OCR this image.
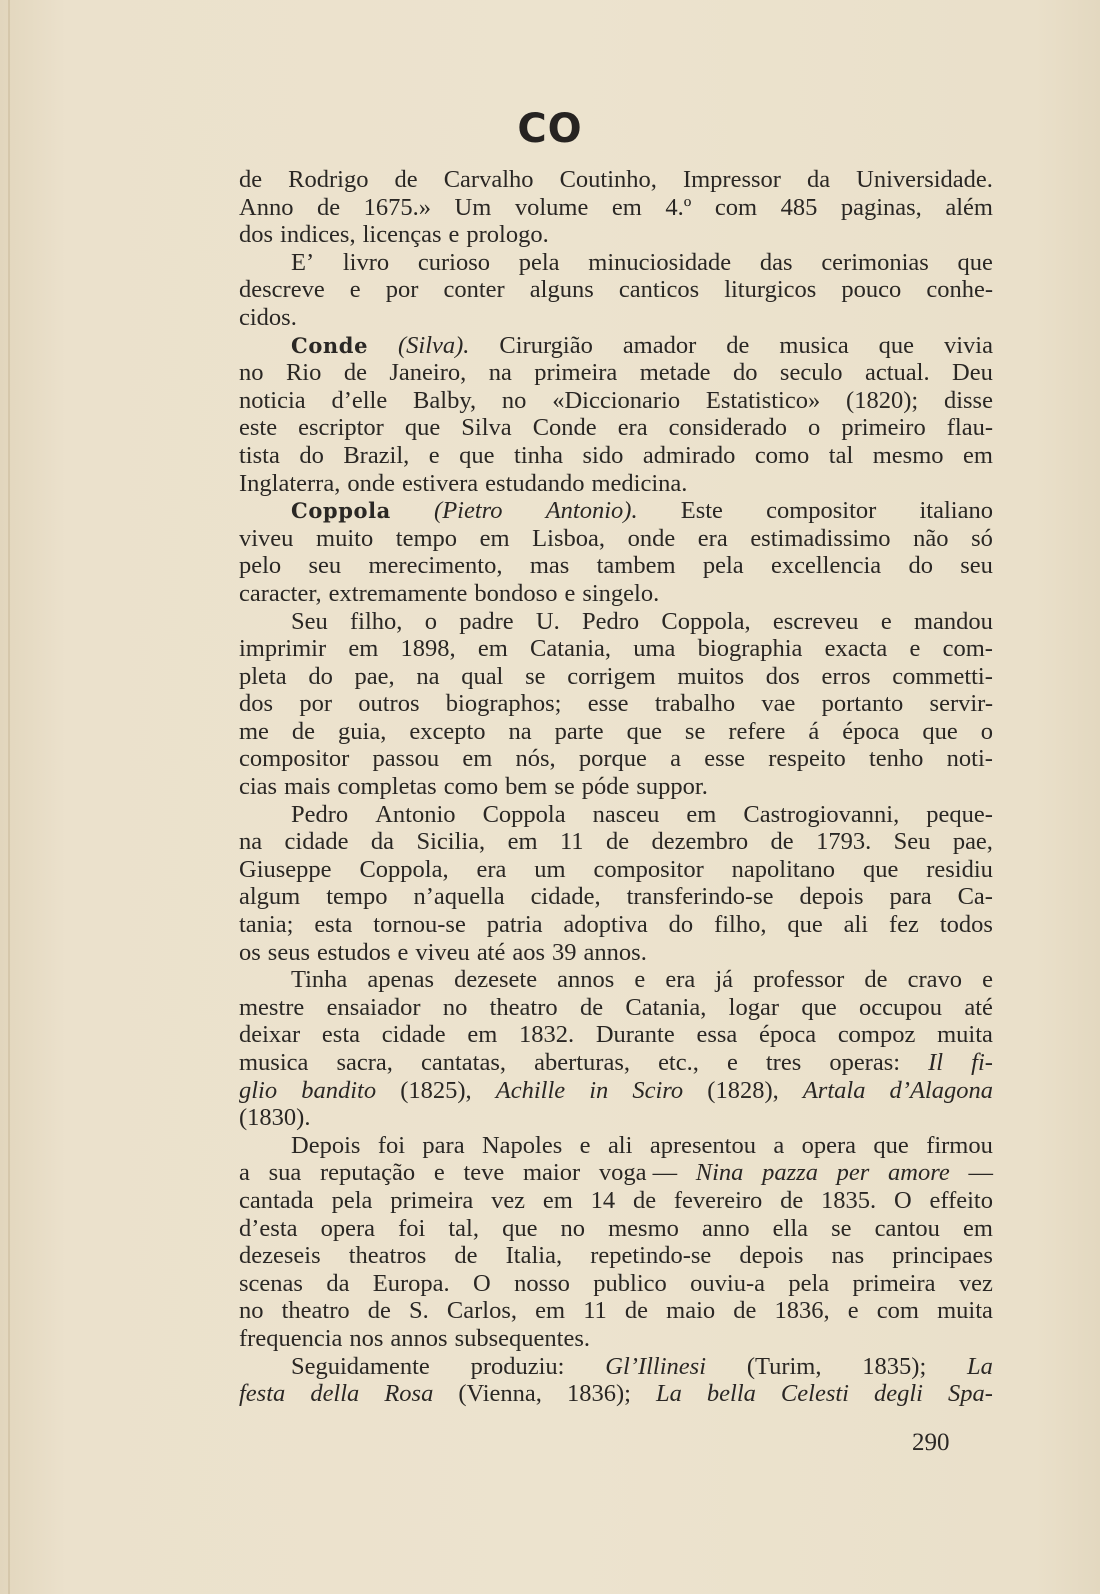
CO
de Rodrigo de Carvalho Coutinho, Impressor da Universidade.
Anno de 1675.» Um volume em 4.º com 485 paginas, além
dos indices, licenças e prologo.
E’ livro curioso pela minuciosidade das cerimonias que
descreve e por conter alguns canticos liturgicos pouco conhe-
cidos.
Conde (Silva). Cirurgião amador de musica que vivia
no Rio de Janeiro, na primeira metade do seculo actual. Deu
noticia d’elle Balby, no «Diccionario Estatistico» (1820); disse
este escriptor que Silva Conde era considerado o primeiro flau-
tista do Brazil, e que tinha sido admirado como tal mesmo em
Inglaterra, onde estivera estudando medicina.
Coppola (Pietro Antonio). Este compositor italiano
viveu muito tempo em Lisboa, onde era estimadissimo não só
pelo seu merecimento, mas tambem pela excellencia do seu
caracter, extremamente bondoso e singelo.
Seu filho, o padre U. Pedro Coppola, escreveu e mandou
imprimir em 1898, em Catania, uma biographia exacta e com-
pleta do pae, na qual se corrigem muitos dos erros commetti-
dos por outros biographos; esse trabalho vae portanto servir-
me de guia, excepto na parte que se refere á época que o
compositor passou em nós, porque a esse respeito tenho noti-
cias mais completas como bem se póde suppor.
Pedro Antonio Coppola nasceu em Castrogiovanni, peque-
na cidade da Sicilia, em 11 de dezembro de 1793. Seu pae,
Giuseppe Coppola, era um compositor napolitano que residiu
algum tempo n’aquella cidade, transferindo-se depois para Ca-
tania; esta tornou-se patria adoptiva do filho, que ali fez todos
os seus estudos e viveu até aos 39 annos.
Tinha apenas dezesete annos e era já professor de cravo e
mestre ensaiador no theatro de Catania, logar que occupou até
deixar esta cidade em 1832. Durante essa época compoz muita
musica sacra, cantatas, aberturas, etc., e tres operas: Il fi-
glio bandito (1825), Achille in Sciro (1828), Artala d’Alagona
(1830).
Depois foi para Napoles e ali apresentou a opera que firmou
a sua reputação e teve maior voga — Nina pazza per amore —
cantada pela primeira vez em 14 de fevereiro de 1835. O effeito
d’esta opera foi tal, que no mesmo anno ella se cantou em
dezeseis theatros de Italia, repetindo-se depois nas principaes
scenas da Europa. O nosso publico ouviu-a pela primeira vez
no theatro de S. Carlos, em 11 de maio de 1836, e com muita
frequencia nos annos subsequentes.
Seguidamente produziu: Gl’Illinesi (Turim, 1835); La
festa della Rosa (Vienna, 1836); La bella Celesti degli Spa-
290
